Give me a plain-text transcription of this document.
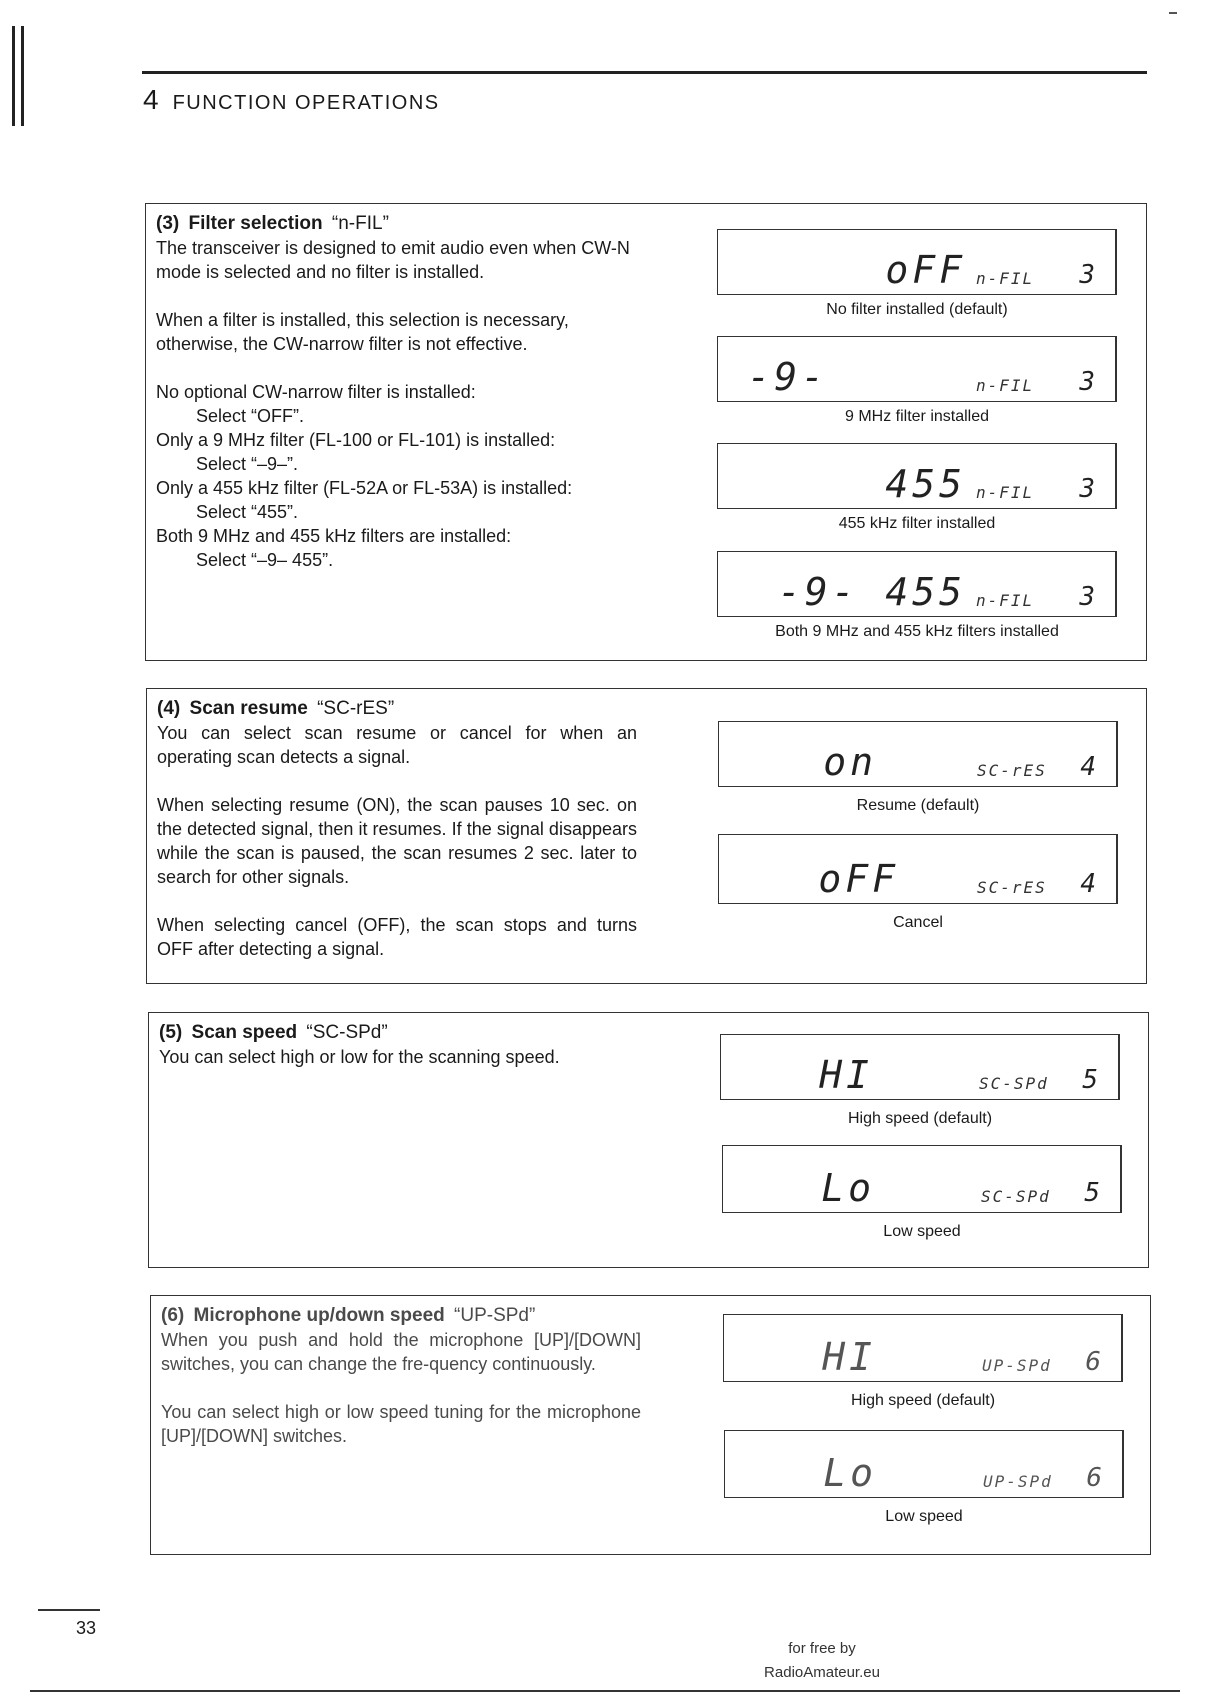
4 FUNCTION OPERATIONS
(3) Filter selection “n-FIL”

The transceiver is designed to emit audio even when CW-N mode is selected and no filter is installed.

When a filter is installed, this selection is necessary, otherwise, the CW-narrow filter is not effective.

No optional CW-narrow filter is installed:

Select “OFF”.

Only a 9 MHz filter (FL-100 or FL-101) is installed:

Select “–9–”.

Only a 455 kHz filter (FL-52A or FL-53A) is installed:

Select “455”.

Both 9 MHz and 455 kHz filters are installed:

Select “–9– 455”.

oFF n-FIL 3
No filter installed (default)
-9-	n-FIL 3
9 MHz filter installed
455 n-FIL 3
455 kHz filter installed
-9- 455 n-FIL 3
Both 9 MHz and 455 kHz filters installed
(4) Scan resume “SC-rES”

You can select scan resume or cancel for when an operating scan detects a signal.

When selecting resume (ON), the scan pauses 10 sec. on the detected signal, then it resumes. If the signal disappears while the scan is paused, the scan resumes 2 sec. later to search for other signals.

When selecting cancel (OFF), the scan stops and turns OFF after detecting a signal.

on	SC-rES 4
Resume (default)
oFF	SC-rES 4
Cancel
(5) Scan speed “SC-SPd”

You can select high or low for the scanning speed.	HI	SC-SPd 5
High speed (default)
Lo	SC-SPd 5
Low speed
(6) Microphone up/down speed “UP-SPd”

When you push and hold the microphone [UP]/[DOWN] switches, you can change the fre-quency continuously.

You can select high or low speed tuning for the microphone [UP]/[DOWN] switches.

HI	UP-SPd 6
High speed (default)
Lo	UP-SPd 6
Low speed
33
for free by
RadioAmateur.eu
